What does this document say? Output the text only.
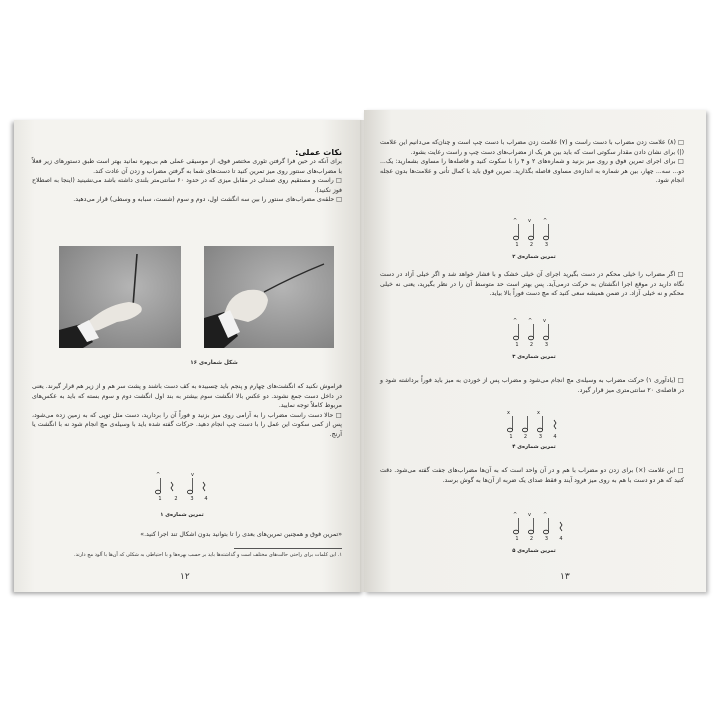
نکات عملی:
برای آنکه در حین فرا گرفتن تئوری مختصر فوق، از موسیقی عملی هم بی‌بهره نمانید بهتر است طبق دستورهای زیر فعلاً با مضراب‌های سنتور روی میز تمرین کنید تا دست‌های شما به گرفتن مضراب و زدن آن عادت کند.
□ راست و مستقیم روی صندلی در مقابل میزی که در حدود ۶۰ سانتی‌متر بلندی داشته باشد می‌نشینید (اینجا به اصطلاح فوز نکنید).
□ حلقه‌ی مضراب‌های سنتور را بین سه انگشت اول، دوم و سوم (شست، سبابه و وسطی) قرار می‌دهید.
شکل شماره‌ی ۱۶
فراموش نکنید که انگشت‌های چهارم و پنجم باید چسبیده به کف دست باشند و پشت سر هم و از زیر هم قرار گیرند. یعنی در داخل دست جمع نشوند. دو عکس بالا انگشت سوم بیشتر به بند اول انگشت دوم و سوم بسته که باید به عکس‌های مربوط کاملاً توجه نمایید.
□ حالا دست راست مضراب را به آرامی روی میز بزنید و فوراً آن را بردارید، دست مثل توپی که به زمین زده می‌شود، پس از کمی سکوت این عمل را با دست چپ انجام دهید. حرکات گفته شده باید با وسیله‌ی مچ انجام شود نه با انگشت یا آرنج.
^	v
1	2	3	4
تمرین شماره‌ی ۱
«تمرین فوق و همچنین تمرین‌های بعدی را تا بتوانید بدون اشکال تند اجرا کنید.»
۱. این کلمات برای راحتی حالت‌های مختلف است و گذاشته‌ها باید بر حسب بهره‌ها و با احتیاطی به شکلی که آن‌ها با آلود مچ دارند.
۱۲
□ (۸) علامت زدن مضراب با دست راست و (۷) علامت زدن مضراب با دست چپ است و چنان‌که می‌دانیم این علامت (|) برای نشان دادن مقدار سکوتی است که باید بین هر یک از مضراب‌های دست چپ و راست رعایت بشود.
□ برای اجرای تمرین فوق و روی میز بزنید و شماره‌های ۲ و ۴ را با سکوت کنید و فاصله‌ها را مساوی بشمارید: یک... دو... سه... چهار، بین هر شماره به اندازه‌ی مساوی فاصله بگذارید. تمرین فوق باید با کمال تأنی و علامت‌ها بدون عجله انجام شود.
^ v ^
1	2	3
تمرین شماره‌ی ۲
□ اگر مضراب را خیلی محکم در دست بگیرید اجرای آن خیلی خشک و با فشار خواهد شد و اگر خیلی آزاد در دست نگاه دارید در موقع اجرا انگشتان به حرکت درمی‌آید. پس بهتر است حد متوسط آن را در نظر بگیرید، یعنی نه خیلی محکم و نه خیلی آزاد. در ضمن همیشه سعی کنید که مچ دست فوراً بالا بیاید.
^ ^ v
1	2	3
تمرین شماره‌ی ۳
□ (یادآوری ۱) حرکت مضراب به وسیله‌ی مچ انجام می‌شود و مضراب پس از خوردن به میز باید فوراً برداشته شود و در فاصله‌ی ۲۰ سانتی‌متری میز قرار گیرد.
x	x
1	2	3	4
تمرین شماره‌ی ۴
□ این علامت (×) برای زدن دو مضراب با هم و در آن واحد است که به آن‌ها مضراب‌های جفت گفته می‌شود. دقت کنید که هر دو دست با هم به روی میز فرود آیند و فقط صدای یک ضربه از آن‌ها به گوش برسد.
^ v ^
1	2	3	4
تمرین شماره‌ی ۵
۱۳
